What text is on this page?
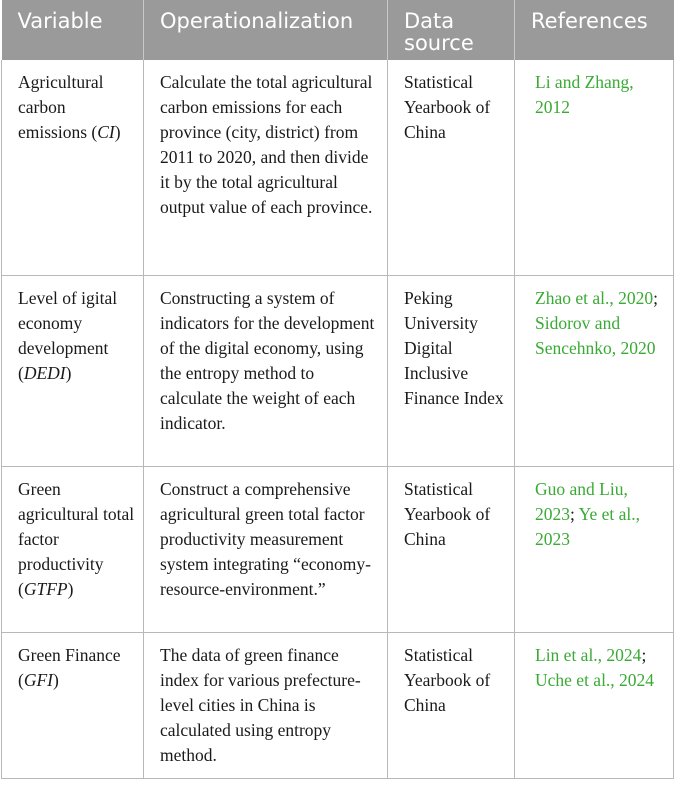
Variable	Operationalization	Data source	References
Agricultural carbon emissions (CI)	Calculate the total agricultural carbon emissions for each province (city, district) from 2011 to 2020, and then divide it by the total agricultural output value of each province.	Statistical Yearbook of China	Li and Zhang, 2012
Level of igital economy development (DEDI)	Constructing a system of indicators for the development of the digital economy, using the entropy method to calculate the weight of each indicator.	Peking University Digital Inclusive Finance Index	Zhao et al., 2020; Sidorov and Sencehnko, 2020
Green agricultural total factor productivity (GTFP)	Construct a comprehensive agricultural green total factor productivity measurement system integrating “economy-resource-environment.”	Statistical Yearbook of China	Guo and Liu, 2023; Ye et al., 2023
Green Finance (GFI)	The data of green finance index for various prefecture-level cities in China is calculated using entropy method.	Statistical Yearbook of China	Lin et al., 2024; Uche et al., 2024
